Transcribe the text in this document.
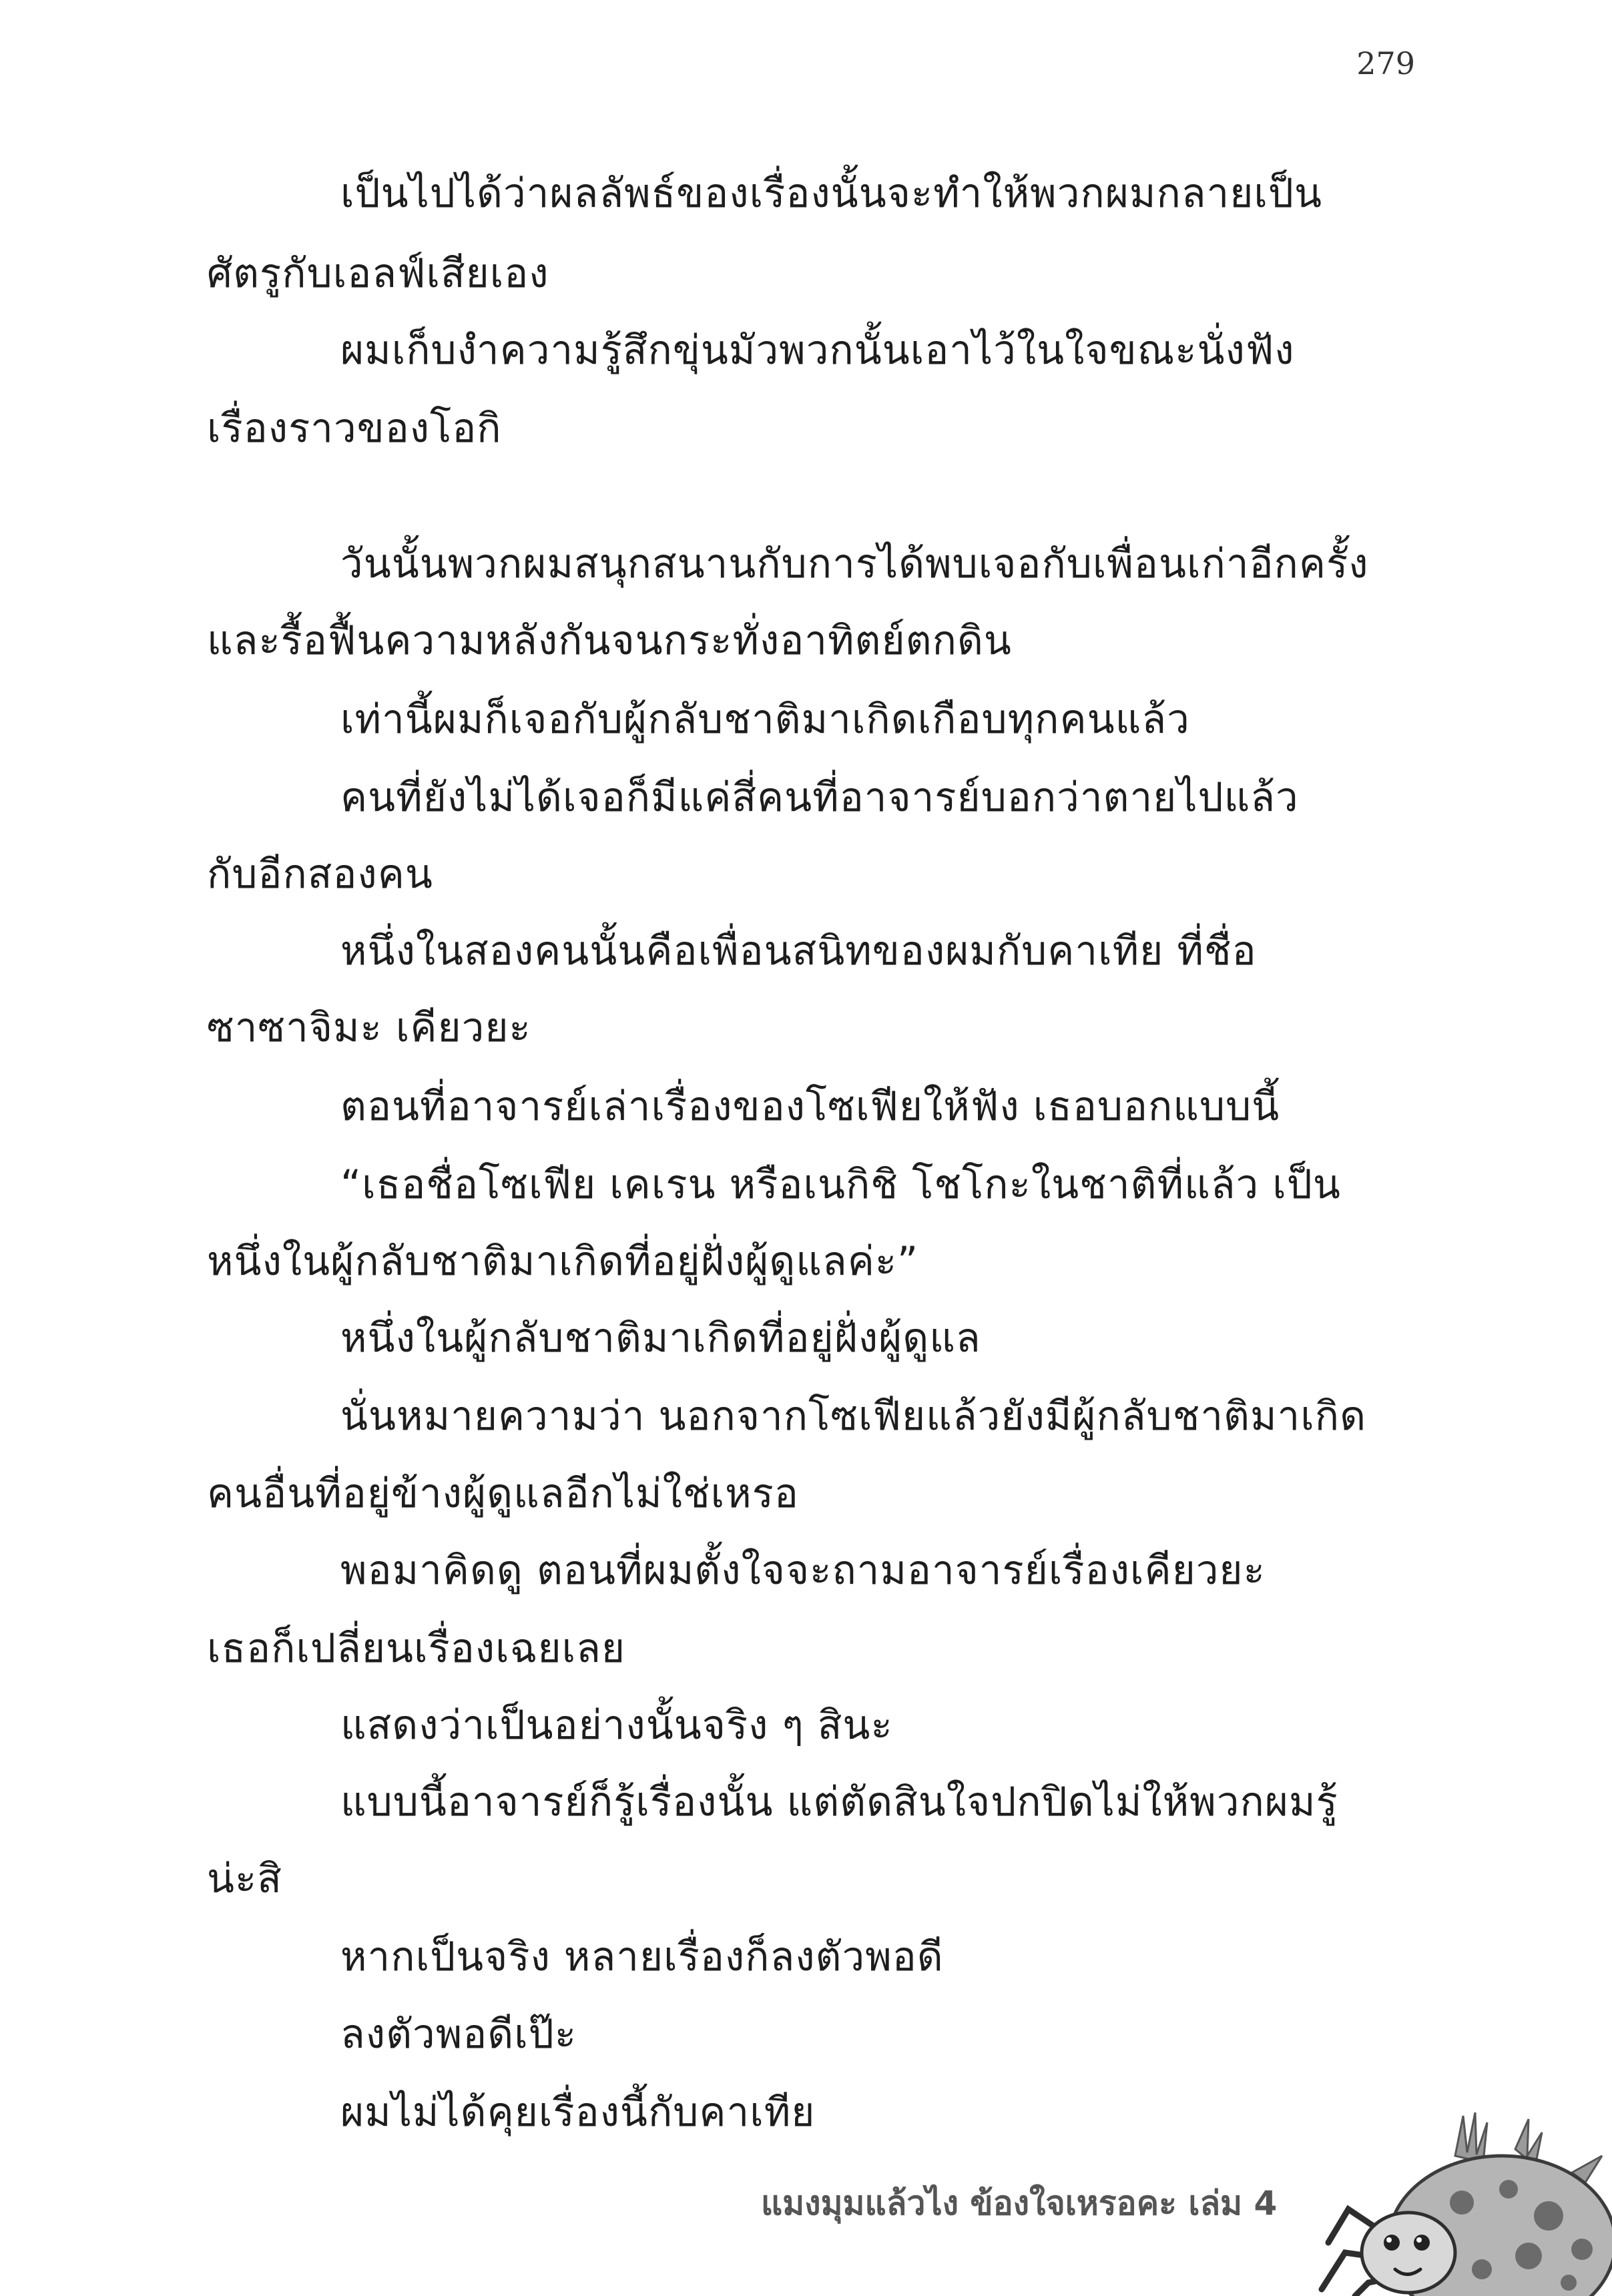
279
เป็นไปได้ว่าผลลัพธ์ของเรื่องนั้นจะทำให้พวกผมกลายเป็น
ศัตรูกับเอลฟ์เสียเอง
ผมเก็บงำความรู้สึกขุ่นมัวพวกนั้นเอาไว้ในใจขณะนั่งฟัง
เรื่องราวของโอกิ
วันนั้นพวกผมสนุกสนานกับการได้พบเจอกับเพื่อนเก่าอีกครั้ง
และรื้อฟื้นความหลังกันจนกระทั่งอาทิตย์ตกดิน
เท่านี้ผมก็เจอกับผู้กลับชาติมาเกิดเกือบทุกคนแล้ว
คนที่ยังไม่ได้เจอก็มีแค่สี่คนที่อาจารย์บอกว่าตายไปแล้ว
กับอีกสองคน
หนึ่งในสองคนนั้นคือเพื่อนสนิทของผมกับคาเทีย ที่ชื่อ
ซาซาจิมะ เคียวยะ
ตอนที่อาจารย์เล่าเรื่องของโซเฟียให้ฟัง เธอบอกแบบนี้
“เธอชื่อโซเฟีย เคเรน หรือเนกิชิ โชโกะในชาติที่แล้ว เป็น
หนึ่งในผู้กลับชาติมาเกิดที่อยู่ฝั่งผู้ดูแลค่ะ”
หนึ่งในผู้กลับชาติมาเกิดที่อยู่ฝั่งผู้ดูแล
นั่นหมายความว่า นอกจากโซเฟียแล้วยังมีผู้กลับชาติมาเกิด
คนอื่นที่อยู่ข้างผู้ดูแลอีกไม่ใช่เหรอ
พอมาคิดดู ตอนที่ผมตั้งใจจะถามอาจารย์เรื่องเคียวยะ
เธอก็เปลี่ยนเรื่องเฉยเลย
แสดงว่าเป็นอย่างนั้นจริง ๆ สินะ
แบบนี้อาจารย์ก็รู้เรื่องนั้น แต่ตัดสินใจปกปิดไม่ให้พวกผมรู้
น่ะสิ
หากเป็นจริง หลายเรื่องก็ลงตัวพอดี
ลงตัวพอดีเป๊ะ
ผมไม่ได้คุยเรื่องนี้กับคาเทีย
แมงมุมแล้วไง ข้องใจเหรอคะ เล่ม 4
